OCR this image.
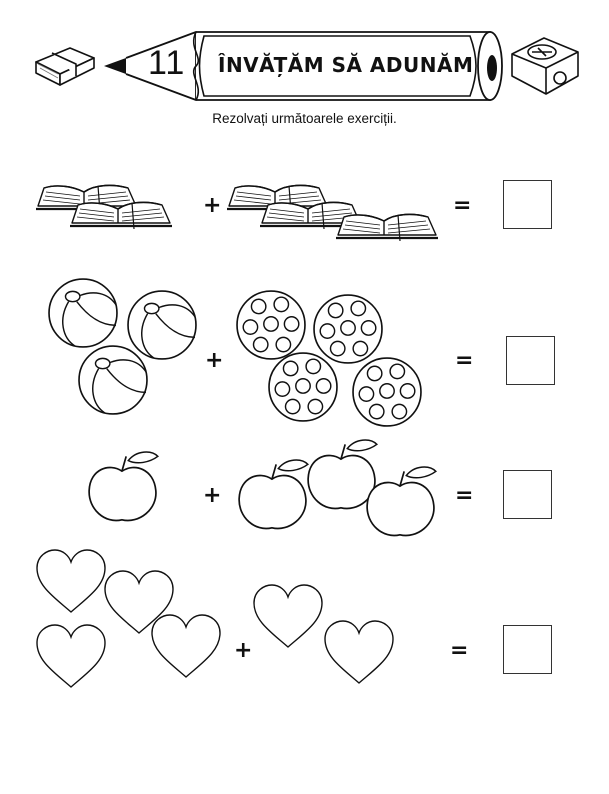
11 ÎNVĂȚĂM SĂ ADUNĂM
Rezolvați următoarele exerciții.
+	=
+	=
+	=
+	=
